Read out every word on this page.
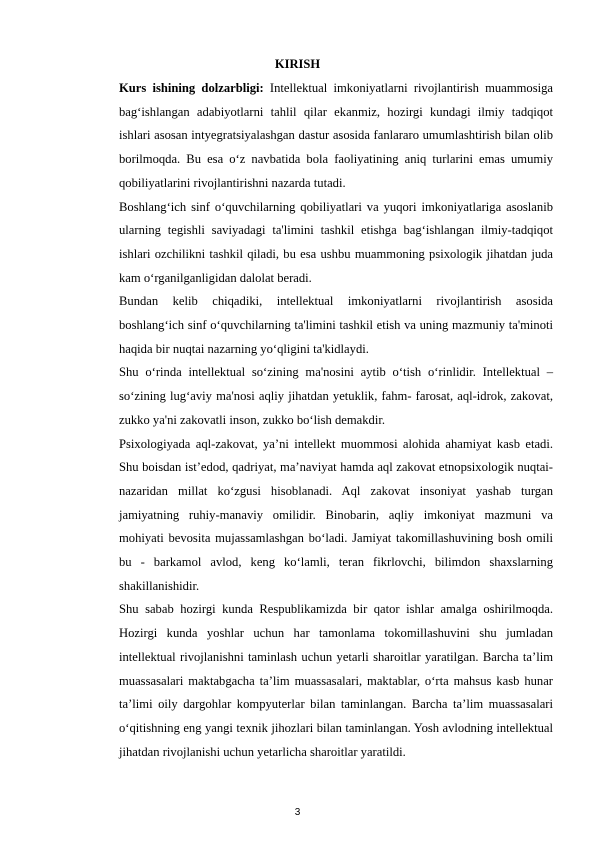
KIRISH

Kurs ishining dolzarbligi: Intellektual imkoniyatlarni rivojlantirish muammosiga bag‘ishlangan adabiyotlarni tahlil qilar ekanmiz, hozirgi kundagi ilmiy tadqiqot ishlari asosan intyegratsiyalashgan dastur asosida fanlararo umumlashtirish bilan olib borilmoqda. Bu esa o‘z navbatida bola faoliyatining aniq turlarini emas umumiy qobiliyatlarini rivojlantirishni nazarda tutadi.

Boshlang‘ich sinf o‘quvchilarning qobiliyatlari va yuqori imkoniyatlariga asoslanib ularning tegishli saviyadagi ta'limini tashkil etishga bag‘ishlangan ilmiy-tadqiqot ishlari ozchilikni tashkil qiladi, bu esa ushbu muammoning psixologik jihatdan juda kam o‘rganilganligidan dalolat beradi.

Bundan kelib chiqadiki, intellektual imkoniyatlarni rivojlantirish asosida boshlang‘ich sinf o‘quvchilarning ta'limini tashkil etish va uning mazmuniy ta'minoti haqida bir nuqtai nazarning yo‘qligini ta'kidlaydi.

Shu o‘rinda intellektual so‘zining ma'nosini aytib o‘tish o‘rinlidir. Intellektual – so‘zining lug‘aviy ma'nosi aqliy jihatdan yetuklik, fahm- farosat, aql-idrok, zakovat, zukko ya'ni zakovatli inson, zukko bo‘lish demakdir.

Psixologiyada aql-zakovat, ya’ni intellekt muommosi alohida ahamiyat kasb etadi. Shu boisdan ist’edod, qadriyat, ma’naviyat hamda aql zakovat etnopsixologik nuqtai- nazaridan millat ko‘zgusi hisoblanadi. Aql zakovat insoniyat yashab turgan jamiyatning ruhiy-manaviy omilidir. Binobarin, aqliy imkoniyat mazmuni va mohiyati bevosita mujassamlashgan bo‘ladi. Jamiyat takomillashuvining bosh omili bu - barkamol avlod, keng ko‘lamli, teran fikrlovchi, bilimdon shaxslarning shakillanishidir.

Shu sabab hozirgi kunda Respublikamizda bir qator ishlar amalga oshirilmoqda. Hozirgi kunda yoshlar uchun har tamonlama tokomillashuvini shu jumladan intellektual rivojlanishni taminlash uchun yetarli sharoitlar yaratilgan. Barcha ta’lim muassasalari maktabgacha ta’lim muassasalari, maktablar, o‘rta mahsus kasb hunar ta’limi oily dargohlar kompyuterlar bilan taminlangan. Barcha ta’lim muassasalari o‘qitishning eng yangi texnik jihozlari bilan taminlangan. Yosh avlodning intellektual jihatdan rivojlanishi uchun yetarlicha sharoitlar yaratildi.

3
